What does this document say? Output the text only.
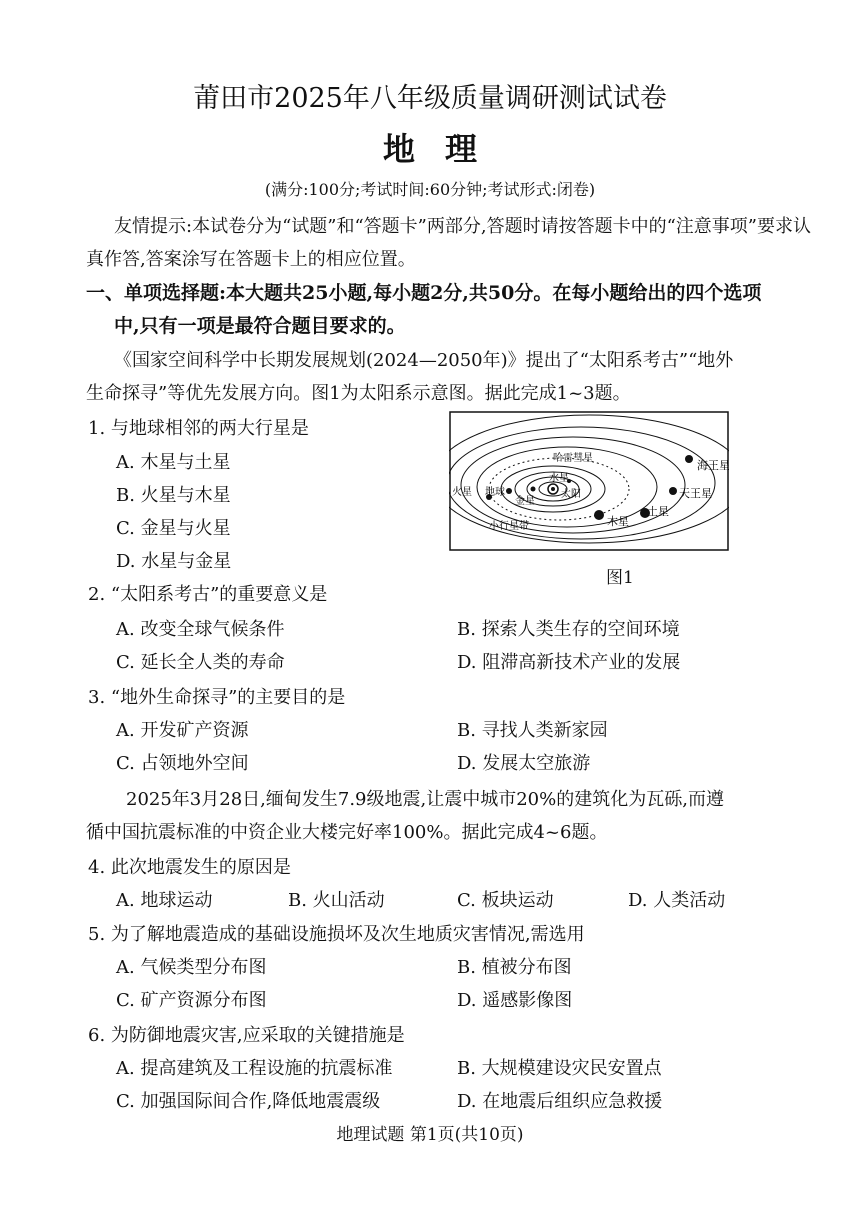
莆田市2025年八年级质量调研测试试卷
地理
(满分:100分;考试时间:60分钟;考试形式:闭卷)
友情提示:本试卷分为“试题”和“答题卡”两部分,答题时请按答题卡中的“注意事项”要求认
真作答,答案涂写在答题卡上的相应位置。
一、单项选择题:本大题共25小题,每小题2分,共50分。在每小题给出的四个选项
中,只有一项是最符合题目要求的。
《国家空间科学中长期发展规划(2024—2050年)》提出了“太阳系考古”“地外
生命探寻”等优先发展方向。图1为太阳系示意图。据此完成1~3题。
1. 与地球相邻的两大行星是
A. 木星与土星
B. 火星与木星
C. 金星与火星
D. 水星与金星
海王星
天王星
土星
木星
火星 地球
金星
水星
太阳
小行星带
哈雷彗星
图1
2. “太阳系考古”的重要意义是
A. 改变全球气候条件	B. 探索人类生存的空间环境
C. 延长全人类的寿命	D. 阻滞高新技术产业的发展
3. “地外生命探寻”的主要目的是
A. 开发矿产资源	B. 寻找人类新家园
C. 占领地外空间	D. 发展太空旅游
2025年3月28日,缅甸发生7.9级地震,让震中城市20%的建筑化为瓦砾,而遵
循中国抗震标准的中资企业大楼完好率100%。据此完成4~6题。
4. 此次地震发生的原因是
A. 地球运动	B. 火山活动	C. 板块运动	D. 人类活动
5. 为了解地震造成的基础设施损坏及次生地质灾害情况,需选用
A. 气候类型分布图	B. 植被分布图
C. 矿产资源分布图	D. 遥感影像图
6. 为防御地震灾害,应采取的关键措施是
A. 提高建筑及工程设施的抗震标准	B. 大规模建设灾民安置点
C. 加强国际间合作,降低地震震级	D. 在地震后组织应急救援
地理试题 第1页(共10页)
